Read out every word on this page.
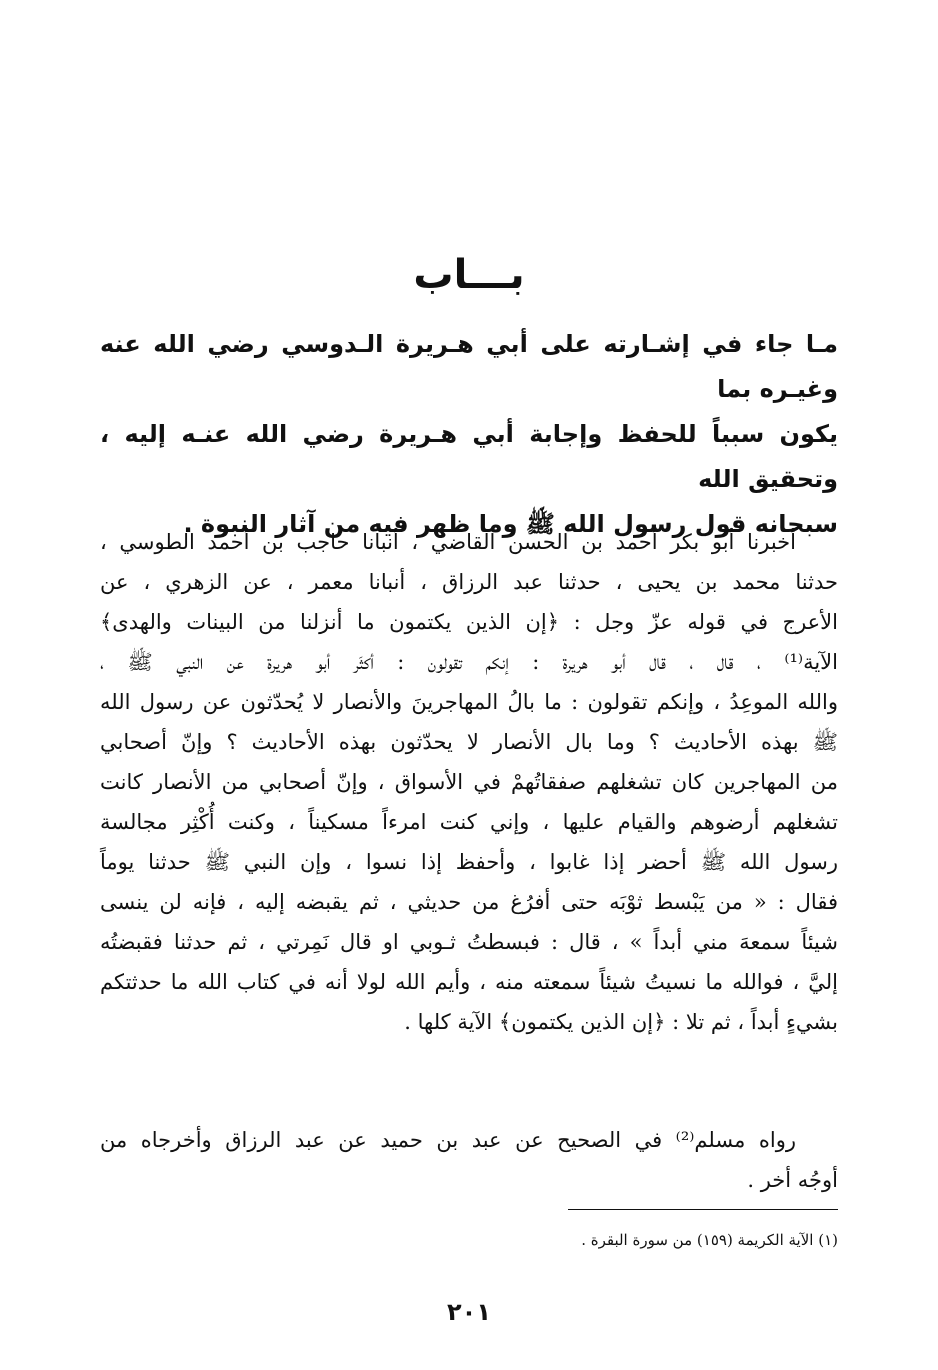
بـــاب
مـا جاء في إشـارته على أبي هـريرة الـدوسي رضي الله عنه وغيـره بما
يكون سبباً للحفظ وإجابة أبي هـريرة رضي الله عنـه إليه ، وتحقيق الله
سبحانه قول رسول الله ﷺ وما ظهر فيه من آثار النبوة .
أخبرنا أبو بكر أحمد بن الحسن القاضي ، أنبانا حاجب بن أحمد الطوسي ،
حدثنا محمد بن يحيى ، حدثنا عبد الرزاق ، أنبانا معمر ، عن الزهري ، عن
الأعرج في قوله عزّ وجل : ﴿إن الذين يكتمون ما أنزلنا من البينات والهدى﴾
الآية⁽¹⁾ ، قال ، قال أبو هريرة : إنكم تقولون : أكثَر أبو هريرة عن النبي ﷺ ،
والله الموعِدُ ، وإنكم تقولون : ما بالُ المهاجرينَ والأنصار لا يُحدّثون عن رسول الله
ﷺ بهذه الأحاديث ؟ وما بال الأنصار لا يحدّثون بهذه الأحاديث ؟ وإنّ أصحابي
من المهاجرين كان تشغلهم صفقاتُهمْ في الأسواق ، وإنّ أصحابي من الأنصار كانت
تشغلهم أرضوهم والقيام عليها ، وإني كنت امرءاً مسكيناً ، وكنت أُكْثِر مجالسة
رسول الله ﷺ أحضر إذا غابوا ، وأحفظ إذا نسوا ، وإن النبي ﷺ حدثنا يوماً
فقال : « من يَبْسط ثوْبَه حتى أفرُغ من حديثي ، ثم يقبضه إليه ، فإنه لن ينسى
شيئاً سمعهَ مني أبداً » ، قال : فبسطتُ ثـوبي او قال نَمِرتي ، ثم حدثنا فقبضتُه
إليَّ ، فوالله ما نسيتُ شيئاً سمعته منه ، وأيم الله لولا أنه في كتاب الله ما حدثتكم
بشيءٍ أبداً ، ثم تلا : ﴿إن الذين يكتمون﴾ الآية كلها .
رواه مسلم⁽²⁾ في الصحيح عن عبد بن حميد عن عبد الرزاق وأخرجاه من
أوجُه أخر .

(١) الآية الكريمة (١٥٩) من سورة البقرة .

٢٠١
